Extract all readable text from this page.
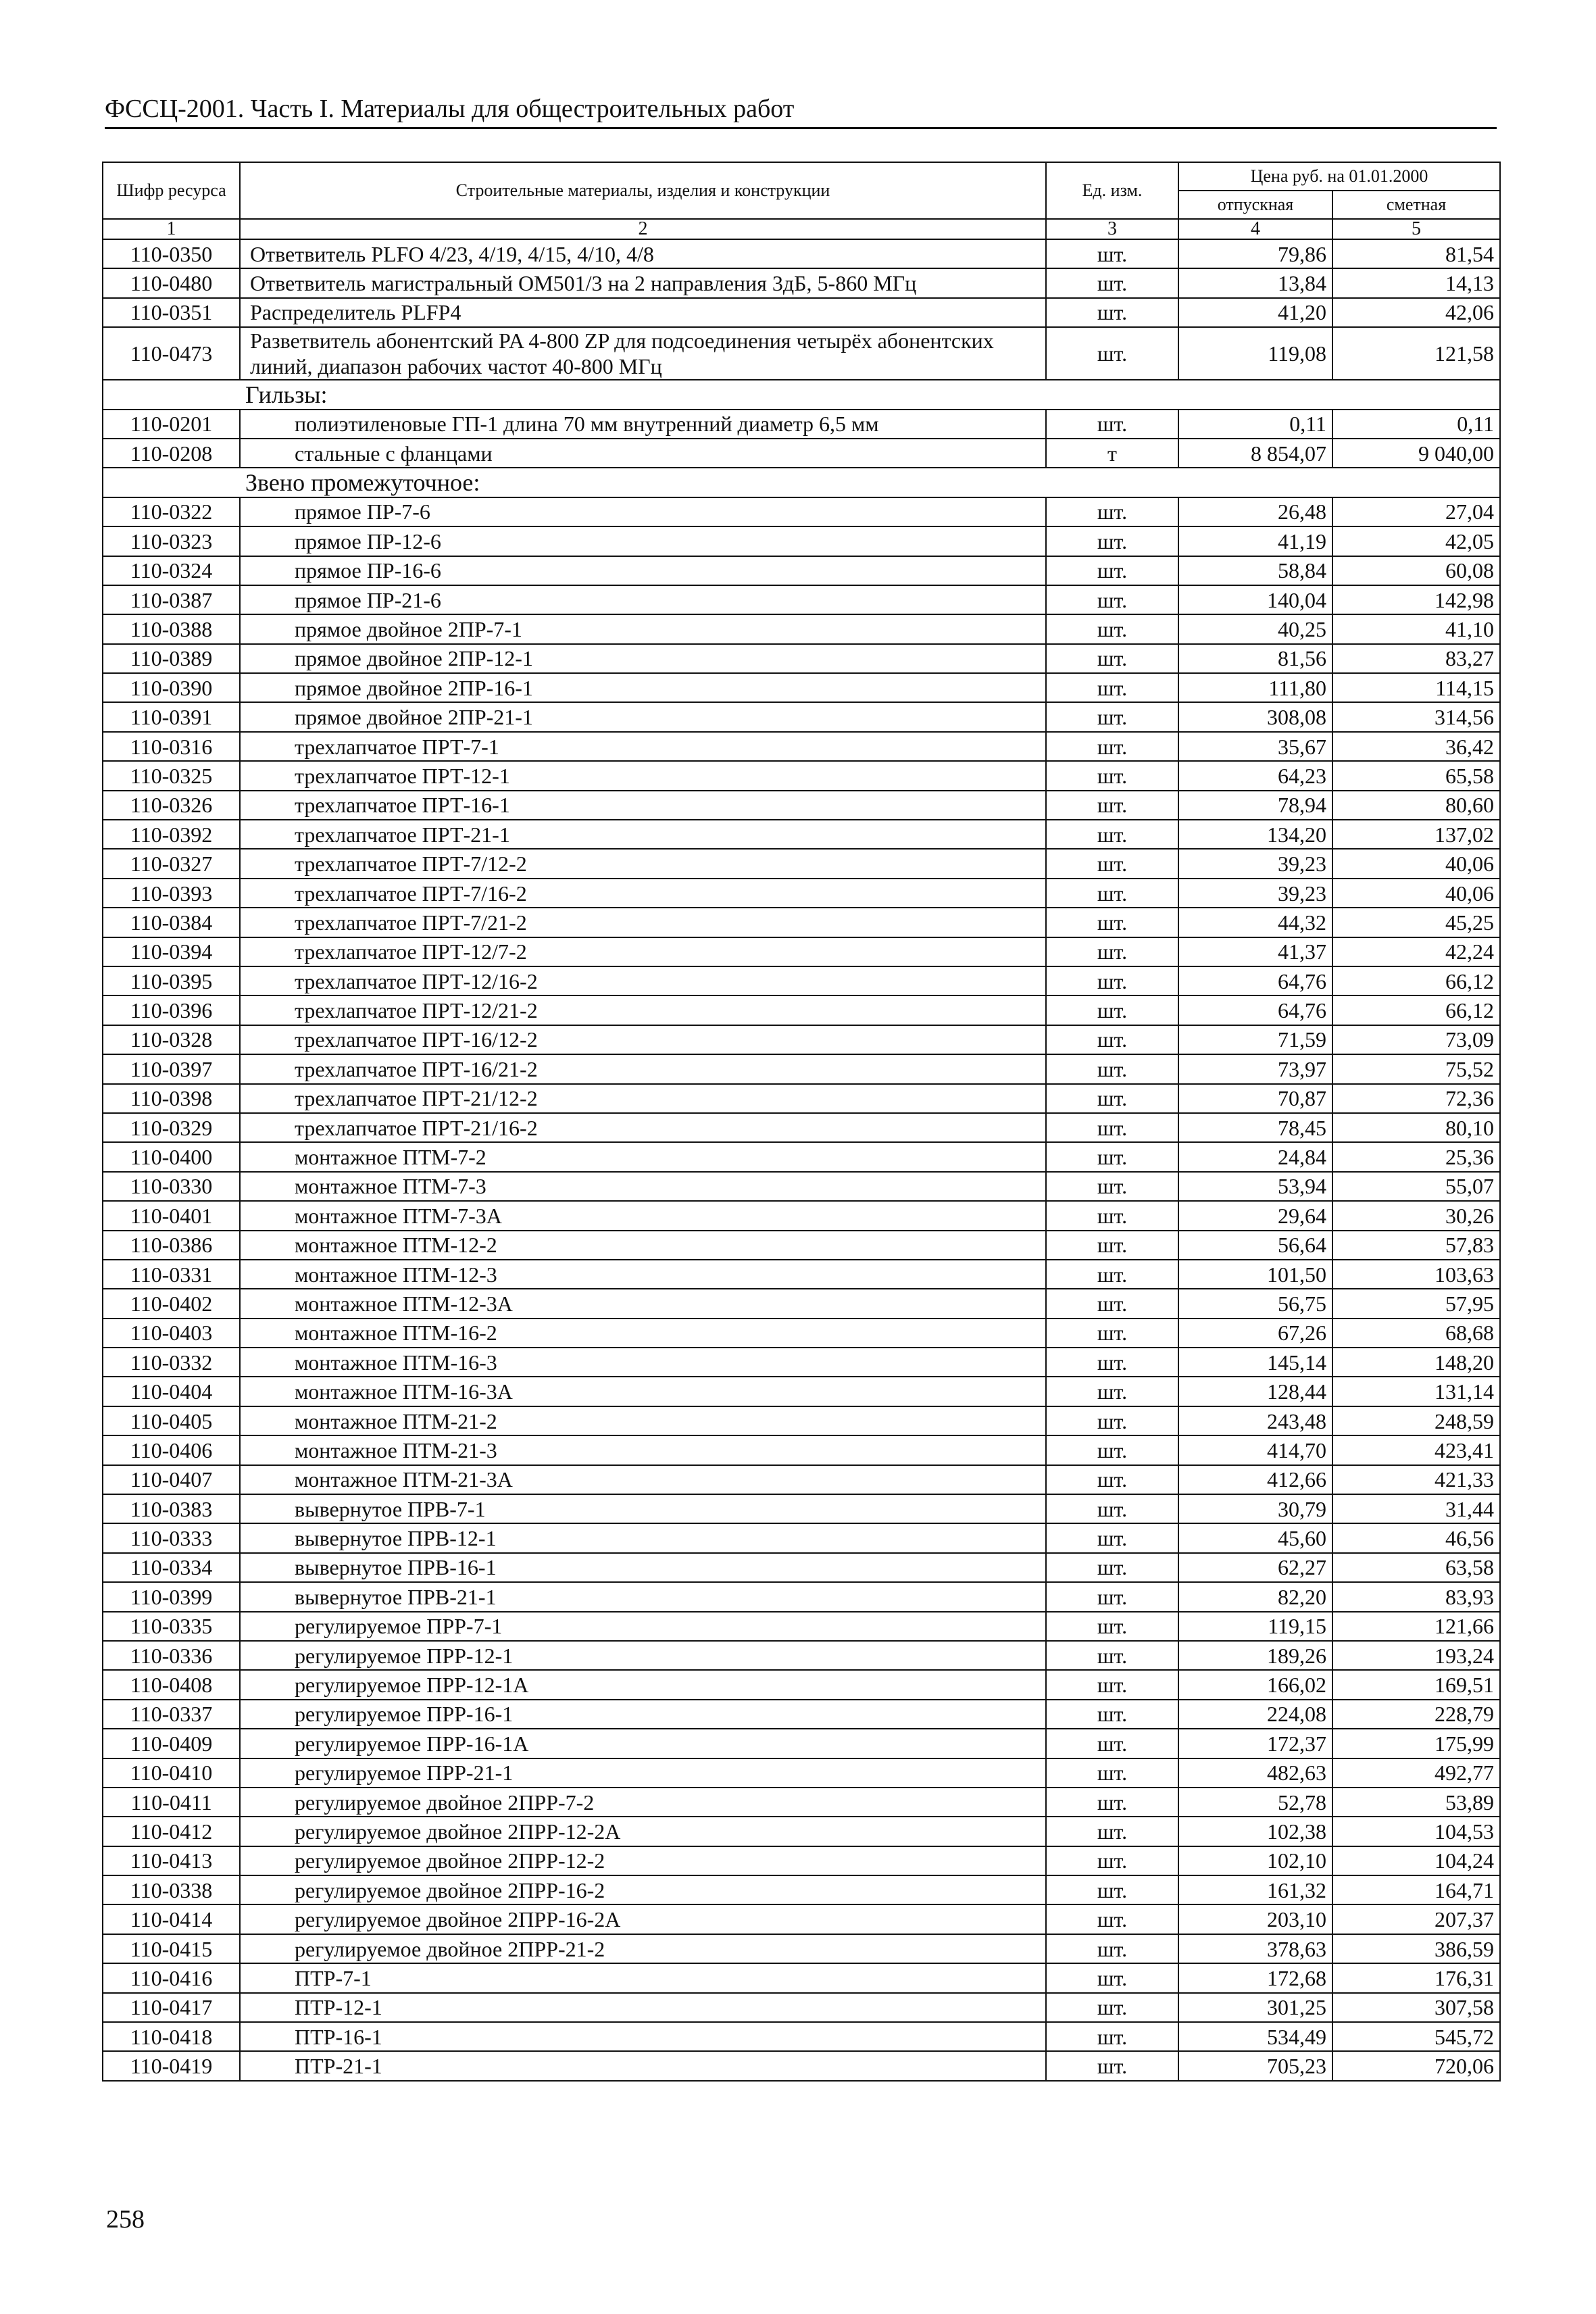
ФССЦ-2001. Часть I. Материалы для общестроительных работ
Шифр ресурса	Строительные материалы, изделия и конструкции	Ед. изм.	Цена руб. на 01.01.2000	
			отпускная	сметная
1	2	3	4	5
110-0350	Ответвитель PLFO 4/23, 4/19, 4/15, 4/10, 4/8	шт.	79,86	81,54
110-0480	Ответвитель магистральный OM501/3 на 2 направления 3дБ, 5-860 МГц	шт.	13,84	14,13
110-0351	Распределитель PLFP4	шт.	41,20	42,06
110-0473	Разветвитель абонентский PA 4-800 ZP для подсоединения четырёх абонентских линий, диапазон рабочих частот 40-800 МГц	шт.	119,08	121,58
Гильзы:				
110-0201	полиэтиленовые ГП-1 длина 70 мм внутренний диаметр 6,5 мм	шт.	0,11	0,11
110-0208	стальные с фланцами	т	8 854,07	9 040,00
Звено промежуточное:				
110-0322	прямое ПР-7-6	шт.	26,48	27,04
110-0323	прямое ПР-12-6	шт.	41,19	42,05
110-0324	прямое ПР-16-6	шт.	58,84	60,08
110-0387	прямое ПР-21-6	шт.	140,04	142,98
110-0388	прямое двойное 2ПР-7-1	шт.	40,25	41,10
110-0389	прямое двойное 2ПР-12-1	шт.	81,56	83,27
110-0390	прямое двойное 2ПР-16-1	шт.	111,80	114,15
110-0391	прямое двойное 2ПР-21-1	шт.	308,08	314,56
110-0316	трехлапчатое ПРТ-7-1	шт.	35,67	36,42
110-0325	трехлапчатое ПРТ-12-1	шт.	64,23	65,58
110-0326	трехлапчатое ПРТ-16-1	шт.	78,94	80,60
110-0392	трехлапчатое ПРТ-21-1	шт.	134,20	137,02
110-0327	трехлапчатое ПРТ-7/12-2	шт.	39,23	40,06
110-0393	трехлапчатое ПРТ-7/16-2	шт.	39,23	40,06
110-0384	трехлапчатое ПРТ-7/21-2	шт.	44,32	45,25
110-0394	трехлапчатое ПРТ-12/7-2	шт.	41,37	42,24
110-0395	трехлапчатое ПРТ-12/16-2	шт.	64,76	66,12
110-0396	трехлапчатое ПРТ-12/21-2	шт.	64,76	66,12
110-0328	трехлапчатое ПРТ-16/12-2	шт.	71,59	73,09
110-0397	трехлапчатое ПРТ-16/21-2	шт.	73,97	75,52
110-0398	трехлапчатое ПРТ-21/12-2	шт.	70,87	72,36
110-0329	трехлапчатое ПРТ-21/16-2	шт.	78,45	80,10
110-0400	монтажное ПТМ-7-2	шт.	24,84	25,36
110-0330	монтажное ПТМ-7-3	шт.	53,94	55,07
110-0401	монтажное ПТМ-7-3А	шт.	29,64	30,26
110-0386	монтажное ПТМ-12-2	шт.	56,64	57,83
110-0331	монтажное ПТМ-12-3	шт.	101,50	103,63
110-0402	монтажное ПТМ-12-3А	шт.	56,75	57,95
110-0403	монтажное ПТМ-16-2	шт.	67,26	68,68
110-0332	монтажное ПТМ-16-3	шт.	145,14	148,20
110-0404	монтажное ПТМ-16-3А	шт.	128,44	131,14
110-0405	монтажное ПТМ-21-2	шт.	243,48	248,59
110-0406	монтажное ПТМ-21-3	шт.	414,70	423,41
110-0407	монтажное ПТМ-21-3А	шт.	412,66	421,33
110-0383	вывернутое ПРВ-7-1	шт.	30,79	31,44
110-0333	вывернутое ПРВ-12-1	шт.	45,60	46,56
110-0334	вывернутое ПРВ-16-1	шт.	62,27	63,58
110-0399	вывернутое ПРВ-21-1	шт.	82,20	83,93
110-0335	регулируемое ПРР-7-1	шт.	119,15	121,66
110-0336	регулируемое ПРР-12-1	шт.	189,26	193,24
110-0408	регулируемое ПРР-12-1А	шт.	166,02	169,51
110-0337	регулируемое ПРР-16-1	шт.	224,08	228,79
110-0409	регулируемое ПРР-16-1А	шт.	172,37	175,99
110-0410	регулируемое ПРР-21-1	шт.	482,63	492,77
110-0411	регулируемое двойное 2ПРР-7-2	шт.	52,78	53,89
110-0412	регулируемое двойное 2ПРР-12-2А	шт.	102,38	104,53
110-0413	регулируемое двойное 2ПРР-12-2	шт.	102,10	104,24
110-0338	регулируемое двойное 2ПРР-16-2	шт.	161,32	164,71
110-0414	регулируемое двойное 2ПРР-16-2А	шт.	203,10	207,37
110-0415	регулируемое двойное 2ПРР-21-2	шт.	378,63	386,59
110-0416	ПТР-7-1	шт.	172,68	176,31
110-0417	ПТР-12-1	шт.	301,25	307,58
110-0418	ПТР-16-1	шт.	534,49	545,72
110-0419	ПТР-21-1	шт.	705,23	720,06
258
